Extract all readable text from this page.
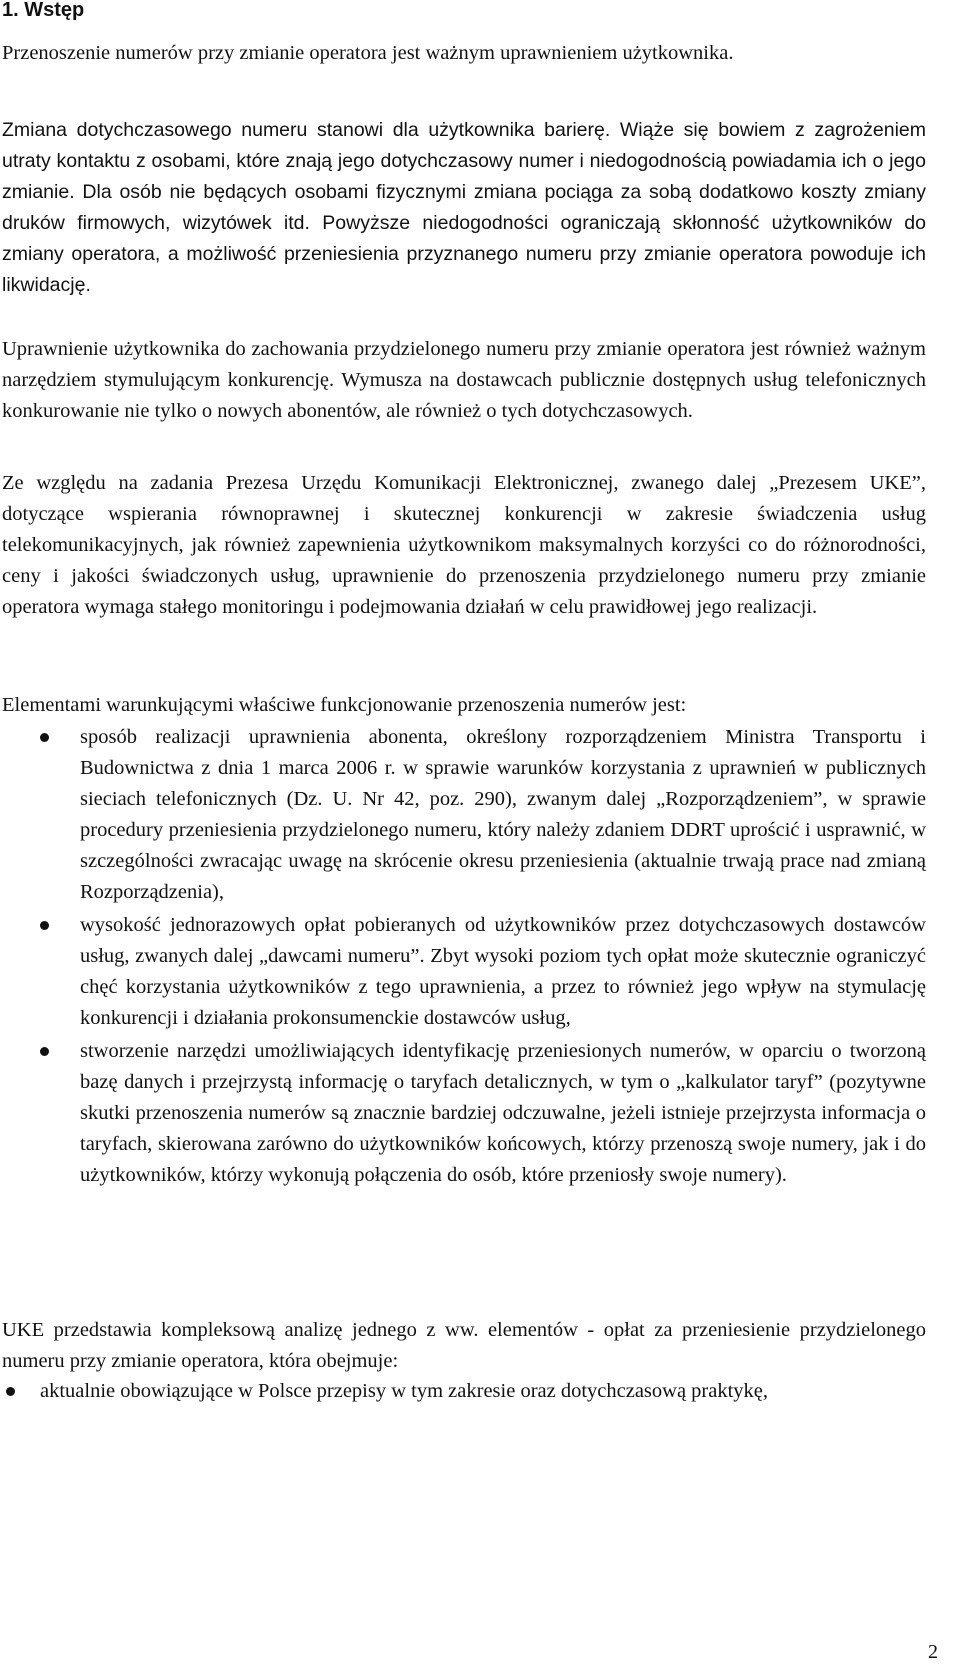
1. Wstęp

Przenoszenie numerów przy zmianie operatora jest ważnym uprawnieniem użytkownika.

Zmiana dotychczasowego numeru stanowi dla użytkownika barierę. Wiąże się bowiem z zagrożeniem utraty kontaktu z osobami, które znają jego dotychczasowy numer i niedogodnością powiadamia ich o jego zmianie. Dla osób nie będących osobami fizycznymi zmiana pociąga za sobą dodatkowo koszty zmiany druków firmowych, wizytówek itd. Powyższe niedogodności ograniczają skłonność użytkowników do zmiany operatora, a możliwość przeniesienia przyznanego numeru przy zmianie operatora powoduje ich likwidację.

Uprawnienie użytkownika do zachowania przydzielonego numeru przy zmianie operatora jest również ważnym narzędziem stymulującym konkurencję. Wymusza na dostawcach publicznie dostępnych usług telefonicznych konkurowanie nie tylko o nowych abonentów, ale również o tych dotychczasowych.

Ze względu na zadania Prezesa Urzędu Komunikacji Elektronicznej, zwanego dalej „Prezesem UKE”, dotyczące wspierania równoprawnej i skutecznej konkurencji w zakresie świadczenia usług telekomunikacyjnych, jak również zapewnienia użytkownikom maksymalnych korzyści co do różnorodności, ceny i jakości świadczonych usług, uprawnienie do przenoszenia przydzielonego numeru przy zmianie operatora wymaga stałego monitoringu i podejmowania działań w celu prawidłowej jego realizacji.

Elementami warunkującymi właściwe funkcjonowanie przenoszenia numerów jest:

sposób realizacji uprawnienia abonenta, określony rozporządzeniem Ministra Transportu i Budownictwa z dnia 1 marca 2006 r. w sprawie warunków korzystania z uprawnień w publicznych sieciach telefonicznych (Dz. U. Nr 42, poz. 290), zwanym dalej „Rozporządzeniem”, w sprawie procedury przeniesienia przydzielonego numeru, który należy zdaniem DDRT uprościć i usprawnić, w szczególności zwracając uwagę na skrócenie okresu przeniesienia (aktualnie trwają prace nad zmianą Rozporządzenia),
wysokość jednorazowych opłat pobieranych od użytkowników przez dotychczasowych dostawców usług, zwanych dalej „dawcami numeru”. Zbyt wysoki poziom tych opłat może skutecznie ograniczyć chęć korzystania użytkowników z tego uprawnienia, a przez to również jego wpływ na stymulację konkurencji i działania prokonsumenckie dostawców usług,
stworzenie narzędzi umożliwiających identyfikację przeniesionych numerów, w oparciu o tworzoną bazę danych i przejrzystą informację o taryfach detalicznych, w tym o „kalkulator taryf” (pozytywne skutki przenoszenia numerów są znacznie bardziej odczuwalne, jeżeli istnieje przejrzysta informacja o taryfach, skierowana zarówno do użytkowników końcowych, którzy przenoszą swoje numery, jak i do użytkowników, którzy wykonują połączenia do osób, które przeniosły swoje numery).

UKE przedstawia kompleksową analizę jednego z ww. elementów - opłat za przeniesienie przydzielonego numeru przy zmianie operatora, która obejmuje:

aktualnie obowiązujące w Polsce przepisy w tym zakresie oraz dotychczasową praktykę,
2
